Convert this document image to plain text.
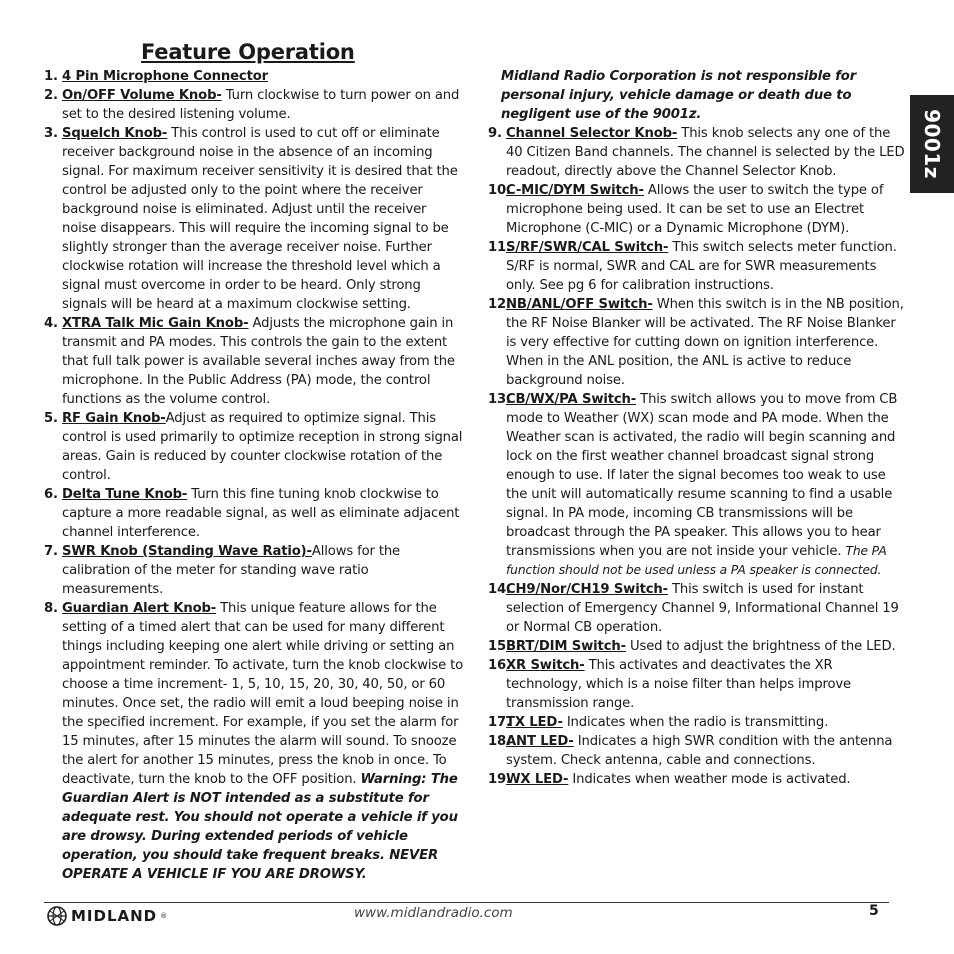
Feature Operation
9001z
1. 4 Pin Microphone Connector
2. On/OFF Volume Knob- Turn clockwise to turn power on and set to the desired listening volume.
3. Squelch Knob- This control is used to cut off or eliminate receiver background noise in the absence of an incoming signal. For maximum receiver sensitivity it is desired that the control be adjusted only to the point where the receiver background noise is eliminated. Adjust until the receiver noise disappears. This will require the incoming signal to be slightly stronger than the average receiver noise. Further clockwise rotation will increase the threshold level which a signal must overcome in order to be heard. Only strong signals will be heard at a maximum clockwise setting.
4. XTRA Talk Mic Gain Knob- Adjusts the microphone gain in transmit and PA modes. This controls the gain to the extent that full talk power is available several inches away from the microphone. In the Public Address (PA) mode, the control functions as the volume control.
5. RF Gain Knob-Adjust as required to optimize signal. This control is used primarily to optimize reception in strong signal areas. Gain is reduced by counter clockwise rotation of the control.
6. Delta Tune Knob- Turn this fine tuning knob clockwise to capture a more readable signal, as well as eliminate adjacent channel interference.
7. SWR Knob (Standing Wave Ratio)-Allows for the calibration of the meter for standing wave ratio measurements.
8. Guardian Alert Knob- This unique feature allows for the setting of a timed alert that can be used for many different things including keeping one alert while driving or setting an appointment reminder. To activate, turn the knob clockwise to choose a time increment- 1, 5, 10, 15, 20, 30, 40, 50, or 60 minutes. Once set, the radio will emit a loud beeping noise in the specified increment. For example, if you set the alarm for 15 minutes, after 15 minutes the alarm will sound. To snooze the alert for another 15 minutes, press the knob in once. To deactivate, turn the knob to the OFF position. Warning: The Guardian Alert is NOT intended as a substitute for adequate rest. You should not operate a vehicle if you are drowsy. During extended periods of vehicle operation, you should take frequent breaks. NEVER OPERATE A VEHICLE IF YOU ARE DROWSY.
Midland Radio Corporation is not responsible for personal injury, vehicle damage or death due to negligent use of the 9001z.
9. Channel Selector Knob- This knob selects any one of the 40 Citizen Band channels. The channel is selected by the LED readout, directly above the Channel Selector Knob.
10.
C-MIC/DYM Switch- Allows the user to switch the type of microphone being used. It can be set to use an Electret Microphone (C-MIC) or a Dynamic Microphone (DYM).
11.
S/RF/SWR/CAL Switch- This switch selects meter function. S/RF is normal, SWR and CAL are for SWR measurements only. See pg 6 for calibration instructions.
12.
NB/ANL/OFF Switch- When this switch is in the NB position, the RF Noise Blanker will be activated. The RF Noise Blanker is very effective for cutting down on ignition interference. When in the ANL position, the ANL is active to reduce background noise.
13.
CB/WX/PA Switch- This switch allows you to move from CB mode to Weather (WX) scan mode and PA mode. When the Weather scan is activated, the radio will begin scanning and lock on the first weather channel broadcast signal strong enough to use. If later the signal becomes too weak to use the unit will automatically resume scanning to find a usable signal. In PA mode, incoming CB transmissions will be broadcast through the PA speaker. This allows you to hear transmissions when you are not inside your vehicle. The PA function should not be used unless a PA speaker is connected.
14.
CH9/Nor/CH19 Switch- This switch is used for instant selection of Emergency Channel 9, Informational Channel 19 or Normal CB operation.
15.
BRT/DIM Switch- Used to adjust the brightness of the LED.
16.
XR Switch- This activates and deactivates the XR technology, which is a noise filter than helps improve transmission range.
17.
TX LED- Indicates when the radio is transmitting.
18.
ANT LED- Indicates a high SWR condition with the antenna system. Check antenna, cable and connections.
19.
WX LED- Indicates when weather mode is activated.
MIDLAND ®	www.midlandradio.com	5
